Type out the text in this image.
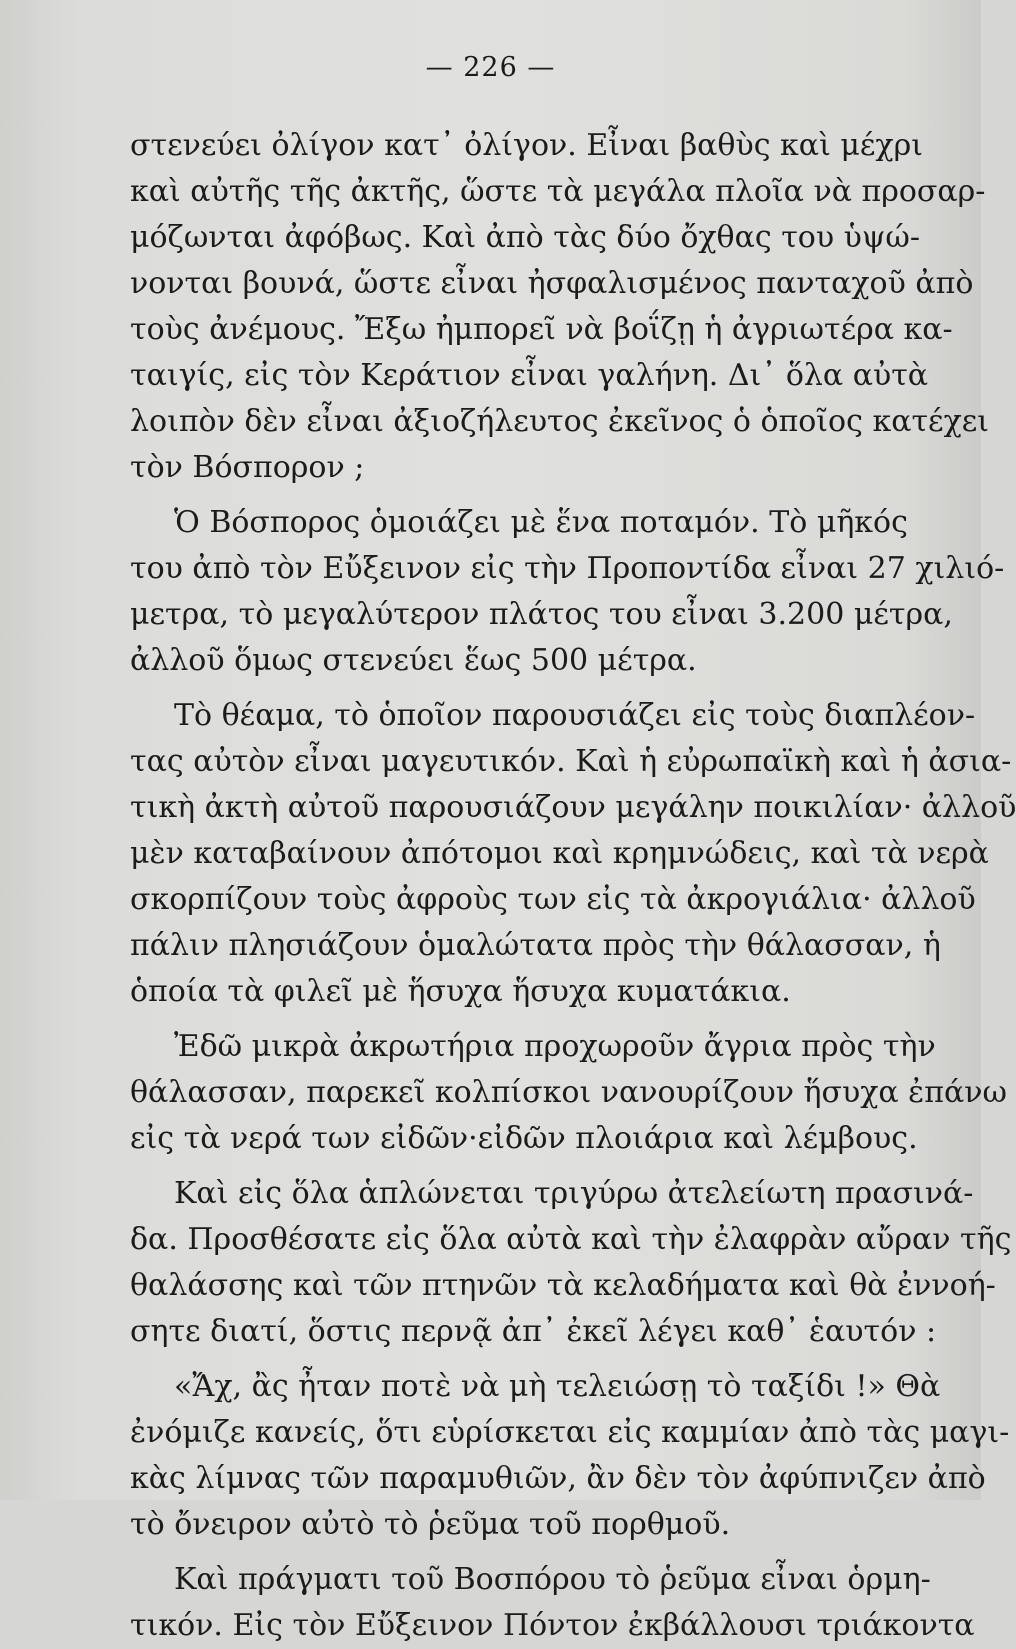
— 226 —
στενεύει ὀλίγον κατ᾽ ὀλίγον. Εἶναι βαθὺς καὶ μέχρι
καὶ αὐτῆς τῆς ἀκτῆς, ὥστε τὰ μεγάλα πλοῖα νὰ προσαρ-
μόζωνται ἀφόβως. Καὶ ἀπὸ τὰς δύο ὄχθας του ὑψώ-
νονται βουνά, ὥστε εἶναι ἠσφαλισμένος πανταχοῦ ἀπὸ
τοὺς ἀνέμους. Ἔξω ἠμπορεῖ νὰ βοΐζῃ ἡ ἀγριωτέρα κα-
ταιγίς, εἰς τὸν Κεράτιον εἶναι γαλήνη. Δι᾽ ὅλα αὐτὰ
λοιπὸν δὲν εἶναι ἀξιοζήλευτος ἐκεῖνος ὁ ὁποῖος κατέχει
τὸν Βόσπορον ;
Ὁ Βόσπορος ὁμοιάζει μὲ ἕνα ποταμόν. Τὸ μῆκός
του ἀπὸ τὸν Εὔξεινον εἰς τὴν Προποντίδα εἶναι 27 χιλιό-
μετρα, τὸ μεγαλύτερον πλάτος του εἶναι 3.200 μέτρα,
ἀλλοῦ ὅμως στενεύει ἕως 500 μέτρα.
Τὸ θέαμα, τὸ ὁποῖον παρουσιάζει εἰς τοὺς διαπλέον-
τας αὐτὸν εἶναι μαγευτικόν. Καὶ ἡ εὐρωπαϊκὴ καὶ ἡ ἀσια-
τικὴ ἀκτὴ αὐτοῦ παρουσιάζουν μεγάλην ποικιλίαν· ἀλλοῦ
μὲν καταβαίνουν ἀπότομοι καὶ κρημνώδεις, καὶ τὰ νερὰ
σκορπίζουν τοὺς ἀφροὺς των εἰς τὰ ἀκρογιάλια· ἀλλοῦ
πάλιν πλησιάζουν ὁμαλώτατα πρὸς τὴν θάλασσαν, ἡ
ὁποία τὰ φιλεῖ μὲ ἥσυχα ἥσυχα κυματάκια.
Ἐδῶ μικρὰ ἀκρωτήρια προχωροῦν ἄγρια πρὸς τὴν
θάλασσαν, παρεκεῖ κολπίσκοι νανουρίζουν ἥσυχα ἐπάνω
εἰς τὰ νερά των εἰδῶν·εἰδῶν πλοιάρια καὶ λέμβους.
Καὶ εἰς ὅλα ἁπλώνεται τριγύρω ἀτελείωτη πρασινά-
δα. Προσθέσατε εἰς ὅλα αὐτὰ καὶ τὴν ἐλαφρὰν αὔραν τῆς
θαλάσσης καὶ τῶν πτηνῶν τὰ κελαδήματα καὶ θὰ ἐννοή-
σητε διατί, ὅστις περνᾷ ἀπ᾽ ἐκεῖ λέγει καθ᾽ ἑαυτόν :
«Ἄχ, ἂς ἦταν ποτὲ νὰ μὴ τελειώσῃ τὸ ταξίδι !» Θὰ
ἐνόμιζε κανείς, ὅτι εὑρίσκεται εἰς καμμίαν ἀπὸ τὰς μαγι-
κὰς λίμνας τῶν παραμυθιῶν, ἂν δὲν τὸν ἀφύπνιζεν ἀπὸ
τὸ ὄνειρον αὐτὸ τὸ ῥεῦμα τοῦ πορθμοῦ.
Καὶ πράγματι τοῦ Βοσπόρου τὸ ῥεῦμα εἶναι ὁρμη-
τικόν. Εἰς τὸν Εὔξεινον Πόντον ἐκβάλλουσι τριάκοντα
